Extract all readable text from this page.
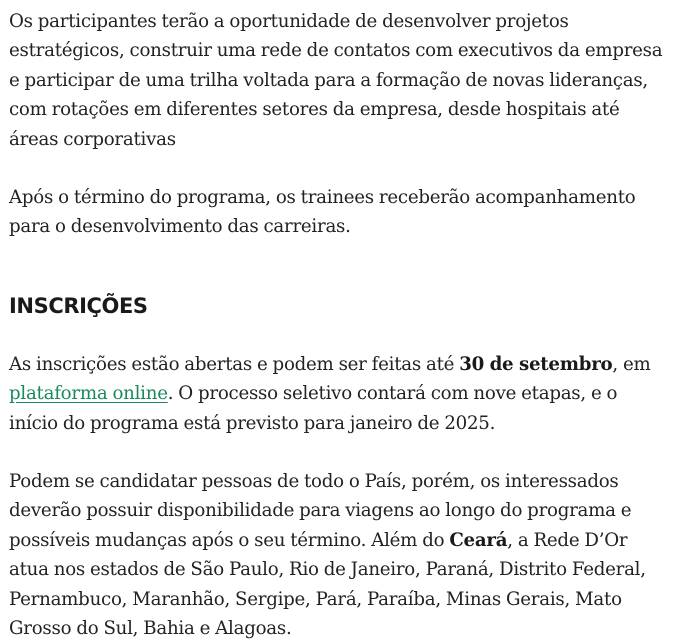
Os participantes terão a oportunidade de desenvolver projetos estratégicos, construir uma rede de contatos com executivos da empresa e participar de uma trilha voltada para a formação de novas lideranças, com rotações em diferentes setores da empresa, desde hospitais até áreas corporativas

Após o término do programa, os trainees receberão acompanhamento para o desenvolvimento das carreiras.

INSCRIÇÕES

As inscrições estão abertas e podem ser feitas até 30 de setembro, em plataforma online. O processo seletivo contará com nove etapas, e o início do programa está previsto para janeiro de 2025.

Podem se candidatar pessoas de todo o País, porém, os interessados deverão possuir disponibilidade para viagens ao longo do programa e possíveis mudanças após o seu término. Além do Ceará, a Rede D’Or atua nos estados de São Paulo, Rio de Janeiro, Paraná, Distrito Federal, Pernambuco, Maranhão, Sergipe, Pará, Paraíba, Minas Gerais, Mato Grosso do Sul, Bahia e Alagoas.
